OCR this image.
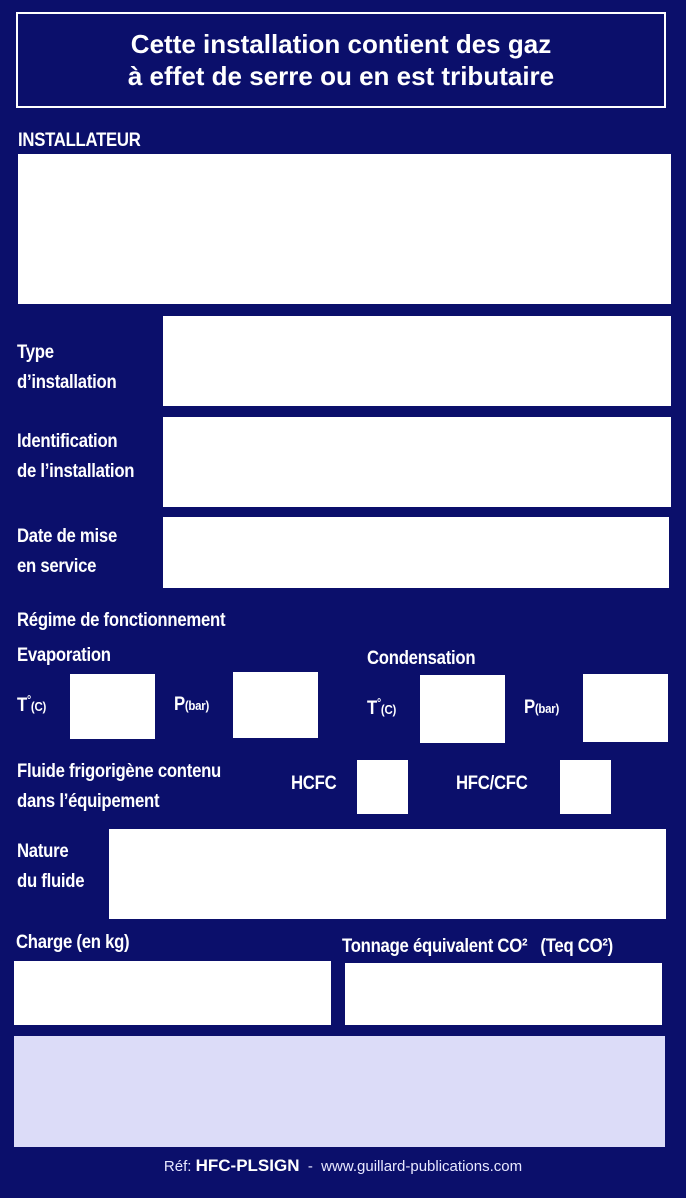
Cette installation contient des gaz
à effet de serre ou en est tributaire
INSTALLATEUR
Type
d’installation
Identification
de l’installation
Date de mise
en service
Régime de fonctionnement
Evaporation	Condensation
T°(C)	P(bar)	T°(C)	P(bar)
Fluide frigorigène contenu
dans l’équipement
HCFC	HFC/CFC
Nature
du fluide
Charge (en kg)	Tonnage équivalent CO² (Teq CO²)
Réf: HFC-PLSIGN - www.guillard-publications.com
